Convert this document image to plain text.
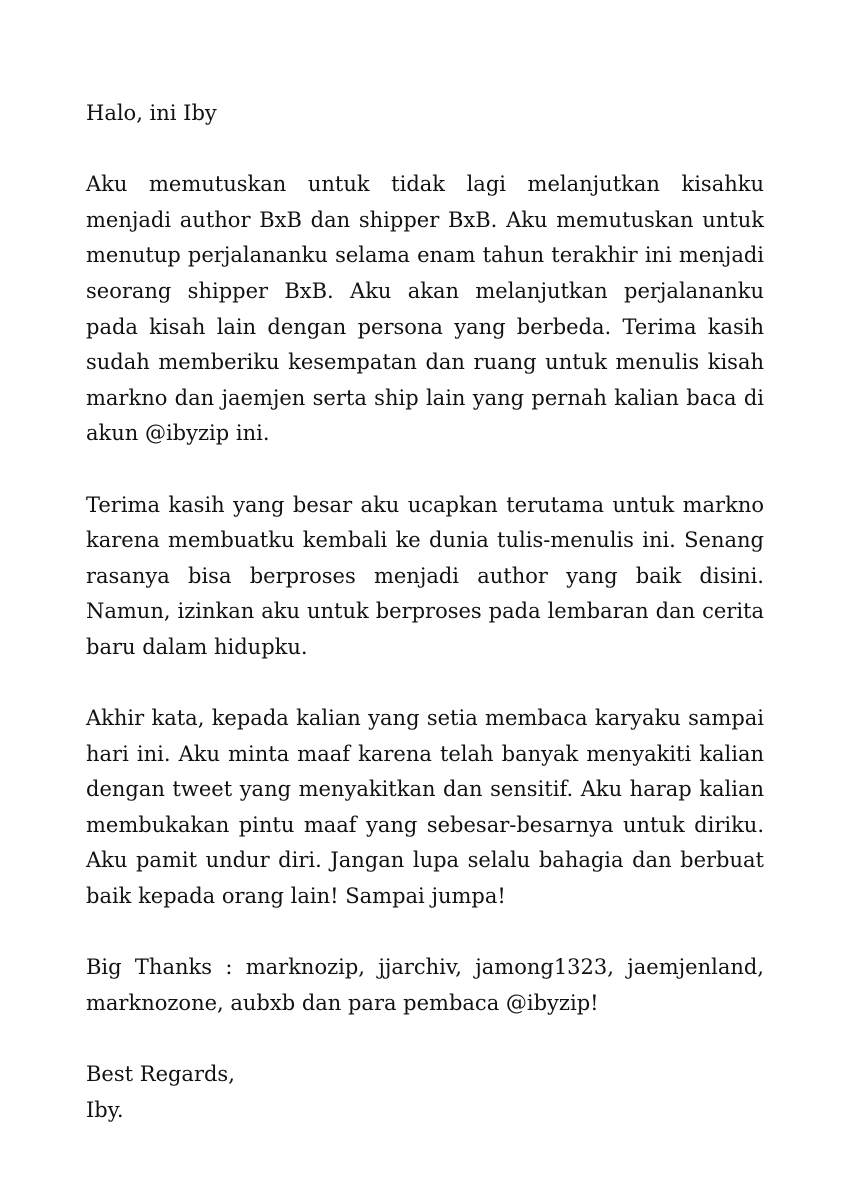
Halo, ini Iby

Aku memutuskan untuk tidak lagi melanjutkan kisahku menjadi author BxB dan shipper BxB. Aku memutuskan untuk menutup perjalananku selama enam tahun terakhir ini menjadi seorang shipper BxB. Aku akan melanjutkan perjalananku pada kisah lain dengan persona yang berbeda. Terima kasih sudah memberiku kesempatan dan ruang untuk menulis kisah markno dan jaemjen serta ship lain yang pernah kalian baca di akun @ibyzip ini.

Terima kasih yang besar aku ucapkan terutama untuk markno karena membuatku kembali ke dunia tulis-menulis ini. Senang rasanya bisa berproses menjadi author yang baik disini. Namun, izinkan aku untuk berproses pada lembaran dan cerita baru dalam hidupku.

Akhir kata, kepada kalian yang setia membaca karyaku sampai hari ini. Aku minta maaf karena telah banyak menyakiti kalian dengan tweet yang menyakitkan dan sensitif. Aku harap kalian membukakan pintu maaf yang sebesar-besarnya untuk diriku. Aku pamit undur diri. Jangan lupa selalu bahagia dan berbuat baik kepada orang lain! Sampai jumpa!

Big Thanks : marknozip, jjarchiv, jamong1323, jaemjenland, marknozone, aubxb dan para pembaca @ibyzip!

Best Regards,
Iby.
